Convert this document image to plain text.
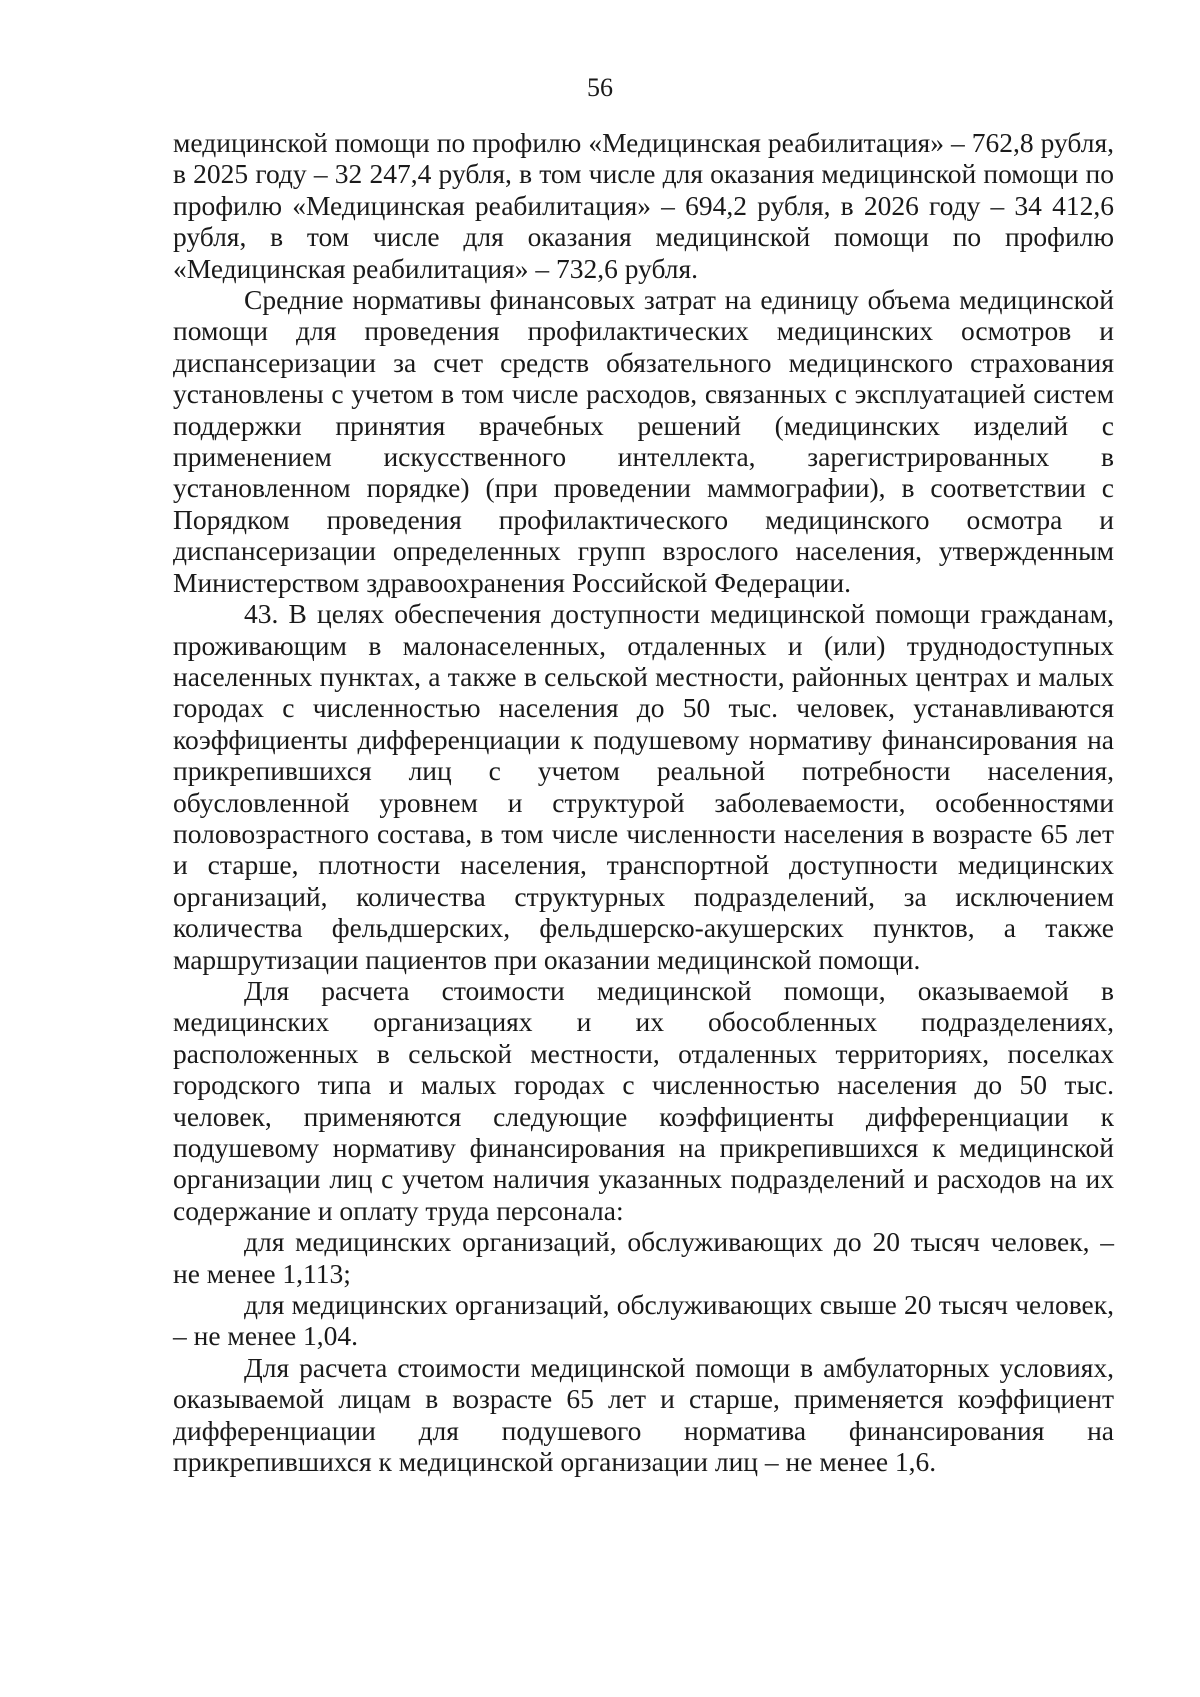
56

медицинской помощи по профилю «Медицинская реабилитация» – 762,8 рубля, в 2025 году – 32 247,4 рубля, в том числе для оказания медицинской помощи по профилю «Медицинская реабилитация» – 694,2 рубля, в 2026 году – 34 412,6 рубля, в том числе для оказания медицинской помощи по профилю «Медицинская реабилитация» – 732,6 рубля.

Средние нормативы финансовых затрат на единицу объема медицинской помощи для проведения профилактических медицинских осмотров и диспансеризации за счет средств обязательного медицинского страхования установлены с учетом в том числе расходов, связанных с эксплуатацией систем поддержки принятия врачебных решений (медицинских изделий с применением искусственного интеллекта, зарегистрированных в установленном порядке) (при проведении маммографии), в соответствии с Порядком проведения профилактического медицинского осмотра и диспансеризации определенных групп взрослого населения, утвержденным Министерством здравоохранения Российской Федерации.

43. В целях обеспечения доступности медицинской помощи гражданам, проживающим в малонаселенных, отдаленных и (или) труднодоступных населенных пунктах, а также в сельской местности, районных центрах и малых городах с численностью населения до 50 тыс. человек, устанавливаются коэффициенты дифференциации к подушевому нормативу финансирования на прикрепившихся лиц с учетом реальной потребности населения, обусловленной уровнем и структурой заболеваемости, особенностями половозрастного состава, в том числе численности населения в возрасте 65 лет и старше, плотности населения, транспортной доступности медицинских организаций, количества структурных подразделений, за исключением количества фельдшерских, фельдшерско-акушерских пунктов, а также маршрутизации пациентов при оказании медицинской помощи.

Для расчета стоимости медицинской помощи, оказываемой в медицинских организациях и их обособленных подразделениях, расположенных в сельской местности, отдаленных территориях, поселках городского типа и малых городах с численностью населения до 50 тыс. человек, применяются следующие коэффициенты дифференциации к подушевому нормативу финансирования на прикрепившихся к медицинской организации лиц с учетом наличия указанных подразделений и расходов на их содержание и оплату труда персонала:

для медицинских организаций, обслуживающих до 20 тысяч человек, – не менее 1,113;

для медицинских организаций, обслуживающих свыше 20 тысяч человек, – не менее 1,04.

Для расчета стоимости медицинской помощи в амбулаторных условиях, оказываемой лицам в возрасте 65 лет и старше, применяется коэффициент дифференциации для подушевого норматива финансирования на прикрепившихся к медицинской организации лиц – не менее 1,6.
